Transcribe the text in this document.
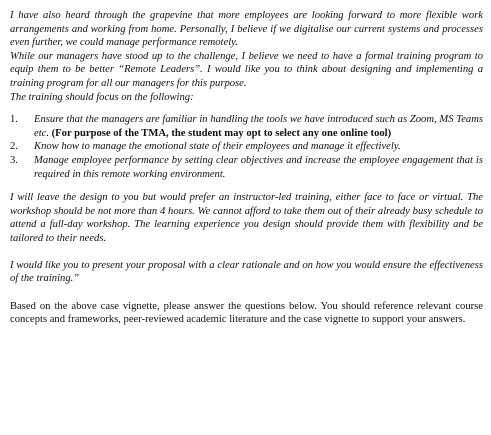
I have also heard through the grapevine that more employees are looking forward to more flexible work arrangements and working from home. Personally, I believe if we digitalise our current systems and processes even further, we could manage performance remotely.

While our managers have stood up to the challenge, I believe we need to have a formal training program to equip them to be better “Remote Leaders”. I would like you to think about designing and implementing a training program for all our managers for this purpose.

The training should focus on the following:

1.	Ensure that the managers are familiar in handling the tools we have introduced such as Zoom, MS Teams etc. (For purpose of the TMA, the student may opt to select any one online tool)
2.	Know how to manage the emotional state of their employees and manage it effectively.
3.	Manage employee performance by setting clear objectives and increase the employee engagement that is required in this remote working environment.

I will leave the design to you but would prefer an instructor-led training, either face to face or virtual. The workshop should be not more than 4 hours. We cannot afford to take them out of their already busy schedule to attend a full-day workshop. The learning experience you design should provide them with flexibility and be tailored to their needs.

I would like you to present your proposal with a clear rationale and on how you would ensure the effectiveness of the training.”

Based on the above case vignette, please answer the questions below. You should reference relevant course concepts and frameworks, peer-reviewed academic literature and the case vignette to support your answers.
